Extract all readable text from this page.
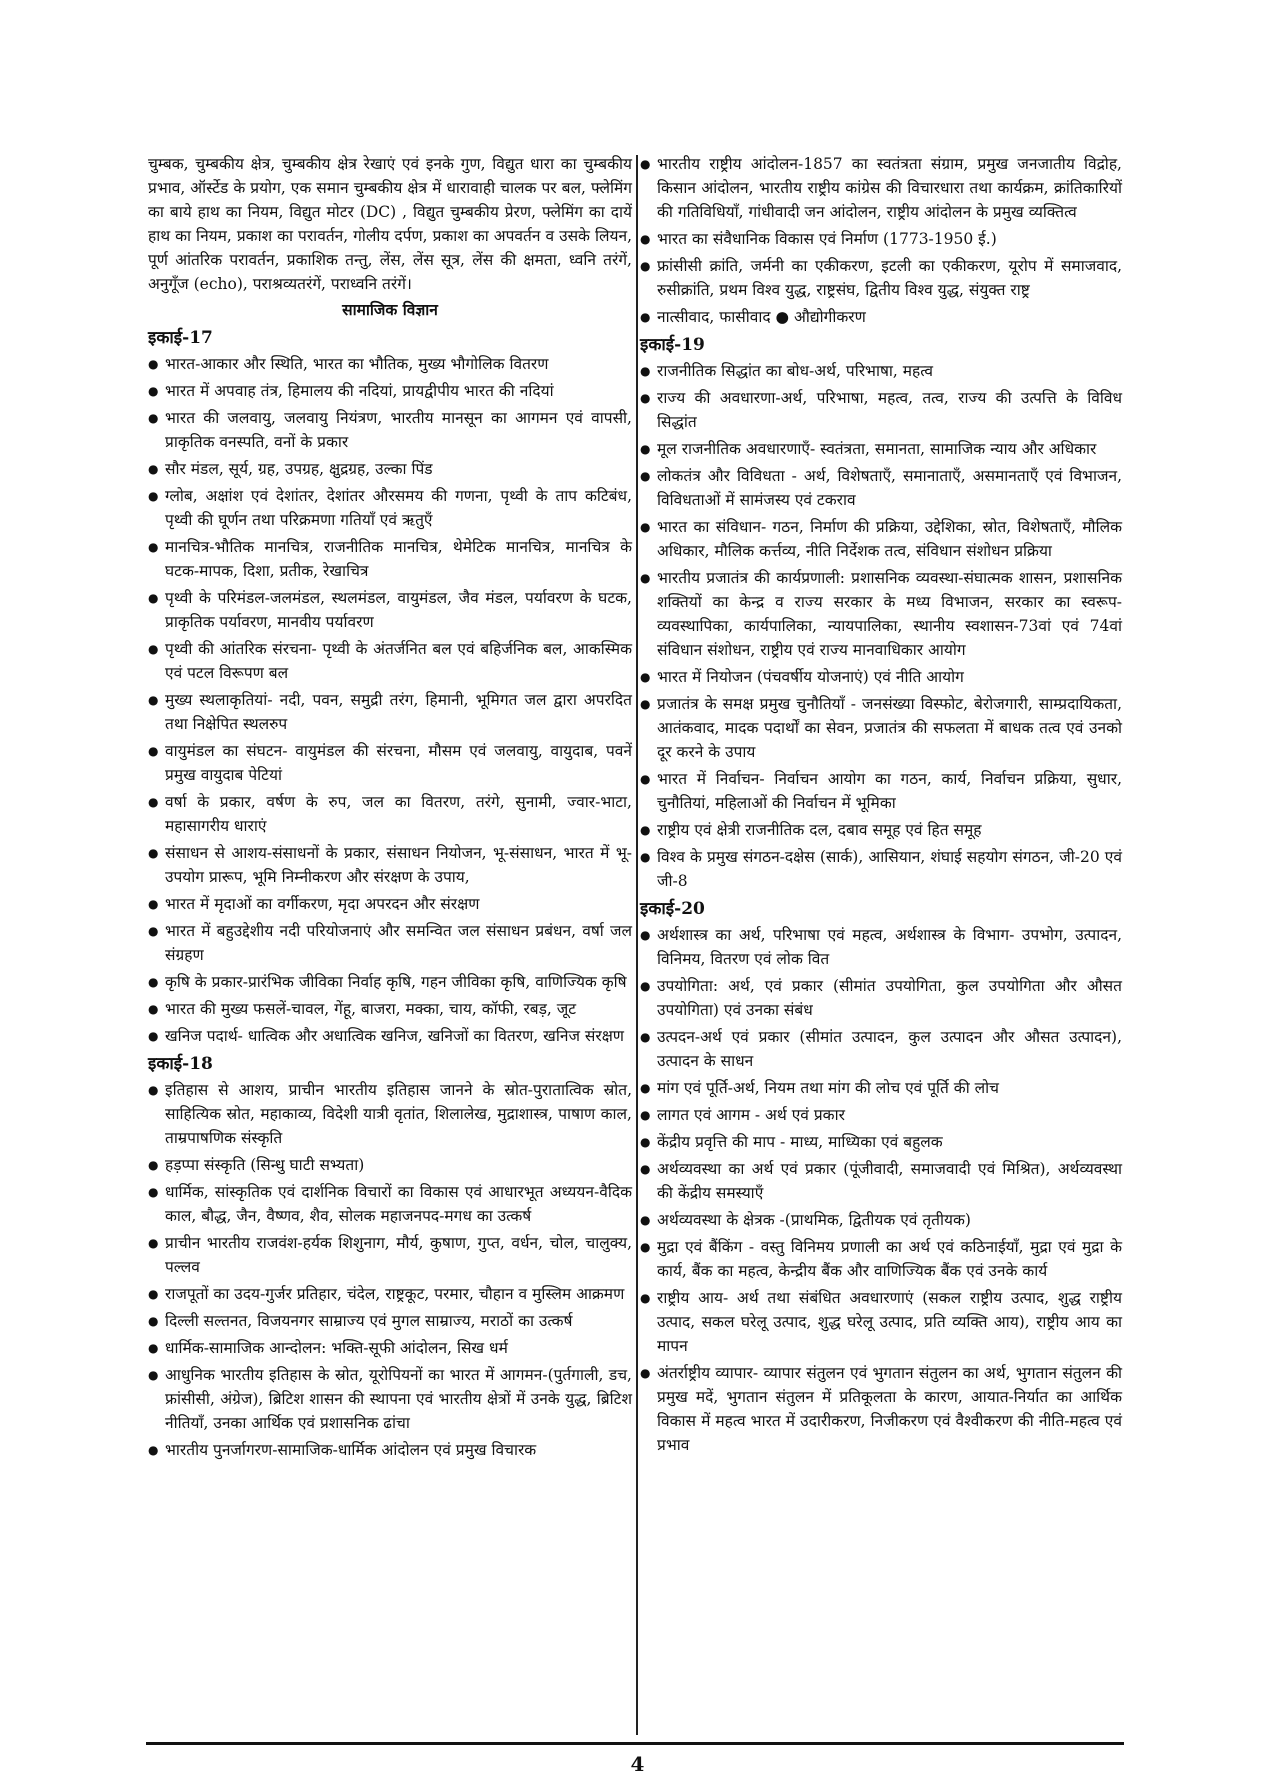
चुम्बक, चुम्बकीय क्षेत्र, चुम्बकीय क्षेत्र रेखाएं एवं इनके गुण, विद्युत धारा का चुम्बकीय प्रभाव, ऑर्स्टेड के प्रयोग, एक समान चुम्बकीय क्षेत्र में धारावाही चालक पर बल, फ्लेमिंग का बाये हाथ का नियम, विद्युत मोटर (DC) , विद्युत चुम्बकीय प्रेरण, फ्लेमिंग का दायें हाथ का नियम, प्रकाश का परावर्तन, गोलीय दर्पण, प्रकाश का अपवर्तन व उसके लियन, पूर्ण आंतरिक परावर्तन, प्रकाशिक तन्तु, लेंस, लेंस सूत्र, लेंस की क्षमता, ध्वनि तरंगें, अनुगूँज (echo), पराश्रव्यतरंगें, पराध्वनि तरंगें।

सामाजिक विज्ञान
इकाई-17
● भारत-आकार और स्थिति, भारत का भौतिक, मुख्य भौगोलिक वितरण
● भारत में अपवाह तंत्र, हिमालय की नदियां, प्रायद्वीपीय भारत की नदियां
● भारत की जलवायु, जलवायु नियंत्रण, भारतीय मानसून का आगमन एवं वापसी, प्राकृतिक वनस्पति, वनों के प्रकार
● सौर मंडल, सूर्य, ग्रह, उपग्रह, क्षुद्रग्रह, उल्का पिंड
● ग्लोब, अक्षांश एवं देशांतर, देशांतर औरसमय की गणना, पृथ्वी के ताप कटिबंध, पृथ्वी की घूर्णन तथा परिक्रमणा गतियाँ एवं ऋतुएँ
● मानचित्र-भौतिक मानचित्र, राजनीतिक मानचित्र, थेमेटिक मानचित्र, मानचित्र के घटक-मापक, दिशा, प्रतीक, रेखाचित्र
● पृथ्वी के परिमंडल-जलमंडल, स्थलमंडल, वायुमंडल, जैव मंडल, पर्यावरण के घटक, प्राकृतिक पर्यावरण, मानवीय पर्यावरण
● पृथ्वी की आंतरिक संरचना- पृथ्वी के अंतर्जनित बल एवं बहिर्जनिक बल, आकस्मिक एवं पटल विरूपण बल
● मुख्य स्थलाकृतियां- नदी, पवन, समुद्री तरंग, हिमानी, भूमिगत जल द्वारा अपरदित तथा निक्षेपित स्थलरुप
● वायुमंडल का संघटन- वायुमंडल की संरचना, मौसम एवं जलवायु, वायुदाब, पवनें प्रमुख वायुदाब पेटियां
● वर्षा के प्रकार, वर्षण के रुप, जल का वितरण, तरंगे, सुनामी, ज्वार-भाटा, महासागरीय धाराएं
● संसाधन से आशय-संसाधनों के प्रकार, संसाधन नियोजन, भू-संसाधन, भारत में भू-उपयोग प्रारूप, भूमि निम्नीकरण और संरक्षण के उपाय,
● भारत में मृदाओं का वर्गीकरण, मृदा अपरदन और संरक्षण
● भारत में बहुउद्देशीय नदी परियोजनाएं और समन्वित जल संसाधन प्रबंधन, वर्षा जल संग्रहण
● कृषि के प्रकार-प्रारंभिक जीविका निर्वाह कृषि, गहन जीविका कृषि, वाणिज्यिक कृषि
● भारत की मुख्य फसलें-चावल, गेंहू, बाजरा, मक्का, चाय, कॉफी, रबड़, जूट
● खनिज पदार्थ- धात्विक और अधात्विक खनिज, खनिजों का वितरण, खनिज संरक्षण
इकाई-18
● इतिहास से आशय, प्राचीन भारतीय इतिहास जानने के स्रोत-पुरातात्विक स्रोत, साहित्यिक स्रोत, महाकाव्य, विदेशी यात्री वृतांत, शिलालेख, मुद्राशास्त्र, पाषाण काल, ताम्रपाषणिक संस्कृति
● हड़प्पा संस्कृति (सिन्धु घाटी सभ्यता)
● धार्मिक, सांस्कृतिक एवं दार्शनिक विचारों का विकास एवं आधारभूत अध्ययन-वैदिक काल, बौद्ध, जैन, वैष्णव, शैव, सोलक महाजनपद-मगध का उत्कर्ष
● प्राचीन भारतीय राजवंश-हर्यक शिशुनाग, मौर्य, कुषाण, गुप्त, वर्धन, चोल, चालुक्य, पल्लव
● राजपूतों का उदय-गुर्जर प्रतिहार, चंदेल, राष्ट्रकूट, परमार, चौहान व मुस्लिम आक्रमण
● दिल्ली सल्तनत, विजयनगर साम्राज्य एवं मुगल साम्राज्य, मराठों का उत्कर्ष
● धार्मिक-सामाजिक आन्दोलन: भक्ति-सूफी आंदोलन, सिख धर्म
● आधुनिक भारतीय इतिहास के स्रोत, यूरोपियनों का भारत में आगमन-(पुर्तगाली, डच, फ्रांसीसी, अंग्रेज), ब्रिटिश शासन की स्थापना एवं भारतीय क्षेत्रों में उनके युद्ध, ब्रिटिश नीतियाँ, उनका आर्थिक एवं प्रशासनिक ढांचा
● भारतीय पुनर्जागरण-सामाजिक-धार्मिक आंदोलन एवं प्रमुख विचारक
● भारतीय राष्ट्रीय आंदोलन-1857 का स्वतंत्रता संग्राम, प्रमुख जनजातीय विद्रोह, किसान आंदोलन, भारतीय राष्ट्रीय कांग्रेस की विचारधारा तथा कार्यक्रम, क्रांतिकारियों की गतिविधियाँ, गांधीवादी जन आंदोलन, राष्ट्रीय आंदोलन के प्रमुख व्यक्तित्व
● भारत का संवैधानिक विकास एवं निर्माण (1773-1950 ई.)
● फ्रांसीसी क्रांति, जर्मनी का एकीकरण, इटली का एकीकरण, यूरोप में समाजवाद, रुसीक्रांति, प्रथम विश्व युद्ध, राष्ट्रसंघ, द्वितीय विश्व युद्ध, संयुक्त राष्ट्र
● नात्सीवाद, फासीवाद ● औद्योगीकरण
इकाई-19
● राजनीतिक सिद्धांत का बोध-अर्थ, परिभाषा, महत्व
● राज्य की अवधारणा-अर्थ, परिभाषा, महत्व, तत्व, राज्य की उत्पत्ति के विविध सिद्धांत
● मूल राजनीतिक अवधारणाएँ- स्वतंत्रता, समानता, सामाजिक न्याय और अधिकार
● लोकतंत्र और विविधता - अर्थ, विशेषताएँ, समानाताएँ, असमानताएँ एवं विभाजन, विविधताओं में सामंजस्य एवं टकराव
● भारत का संविधान- गठन, निर्माण की प्रक्रिया, उद्देशिका, स्रोत, विशेषताएँ, मौलिक अधिकार, मौलिक कर्त्तव्य, नीति निर्देशक तत्व, संविधान संशोधन प्रक्रिया
● भारतीय प्रजातंत्र की कार्यप्रणाली: प्रशासनिक व्यवस्था-संघात्मक शासन, प्रशासनिक शक्तियों का केन्द्र व राज्य सरकार के मध्य विभाजन, सरकार का स्वरूप-व्यवस्थापिका, कार्यपालिका, न्यायपालिका, स्थानीय स्वशासन-73वां एवं 74वां संविधान संशोधन, राष्ट्रीय एवं राज्य मानवाधिकार आयोग
● भारत में नियोजन (पंचवर्षीय योजनाएं) एवं नीति आयोग
● प्रजातंत्र के समक्ष प्रमुख चुनौतियाँ - जनसंख्या विस्फोट, बेरोजगारी, साम्प्रदायिकता, आतंकवाद, मादक पदार्थों का सेवन, प्रजातंत्र की सफलता में बाधक तत्व एवं उनको दूर करने के उपाय
● भारत में निर्वाचन- निर्वाचन आयोग का गठन, कार्य, निर्वाचन प्रक्रिया, सुधार, चुनौतियां, महिलाओं की निर्वाचन में भूमिका
● राष्ट्रीय एवं क्षेत्री राजनीतिक दल, दबाव समूह एवं हित समूह
● विश्व के प्रमुख संगठन-दक्षेस (सार्क), आसियान, शंघाई सहयोग संगठन, जी-20 एवं जी-8
इकाई-20
● अर्थशास्त्र का अर्थ, परिभाषा एवं महत्व, अर्थशास्त्र के विभाग- उपभोग, उत्पादन, विनिमय, वितरण एवं लोक वित
● उपयोगिता: अर्थ, एवं प्रकार (सीमांत उपयोगिता, कुल उपयोगिता और औसत उपयोगिता) एवं उनका संबंध
● उत्पदन-अर्थ एवं प्रकार (सीमांत उत्पादन, कुल उत्पादन और औसत उत्पादन), उत्पादन के साधन
● मांग एवं पूर्ति-अर्थ, नियम तथा मांग की लोच एवं पूर्ति की लोच
● लागत एवं आगम - अर्थ एवं प्रकार
● केंद्रीय प्रवृत्ति की माप - माध्य, माध्यिका एवं बहुलक
● अर्थव्यवस्था का अर्थ एवं प्रकार (पूंजीवादी, समाजवादी एवं मिश्रित), अर्थव्यवस्था की केंद्रीय समस्याएँ
● अर्थव्यवस्था के क्षेत्रक -(प्राथमिक, द्वितीयक एवं तृतीयक)
● मुद्रा एवं बैंकिंग - वस्तु विनिमय प्रणाली का अर्थ एवं कठिनाईयाँ, मुद्रा एवं मुद्रा के कार्य, बैंक का महत्व, केन्द्रीय बैंक और वाणिज्यिक बैंक एवं उनके कार्य
● राष्ट्रीय आय- अर्थ तथा संबंधित अवधारणाएं (सकल राष्ट्रीय उत्पाद, शुद्ध राष्ट्रीय उत्पाद, सकल घरेलू उत्पाद, शुद्ध घरेलू उत्पाद, प्रति व्यक्ति आय), राष्ट्रीय आय का मापन
● अंतर्राष्ट्रीय व्यापार- व्यापार संतुलन एवं भुगतान संतुलन का अर्थ, भुगतान संतुलन की प्रमुख मदें, भुगतान संतुलन में प्रतिकूलता के कारण, आयात-निर्यात का आर्थिक विकास में महत्व भारत में उदारीकरण, निजीकरण एवं वैश्वीकरण की नीति-महत्व एवं प्रभाव
4
